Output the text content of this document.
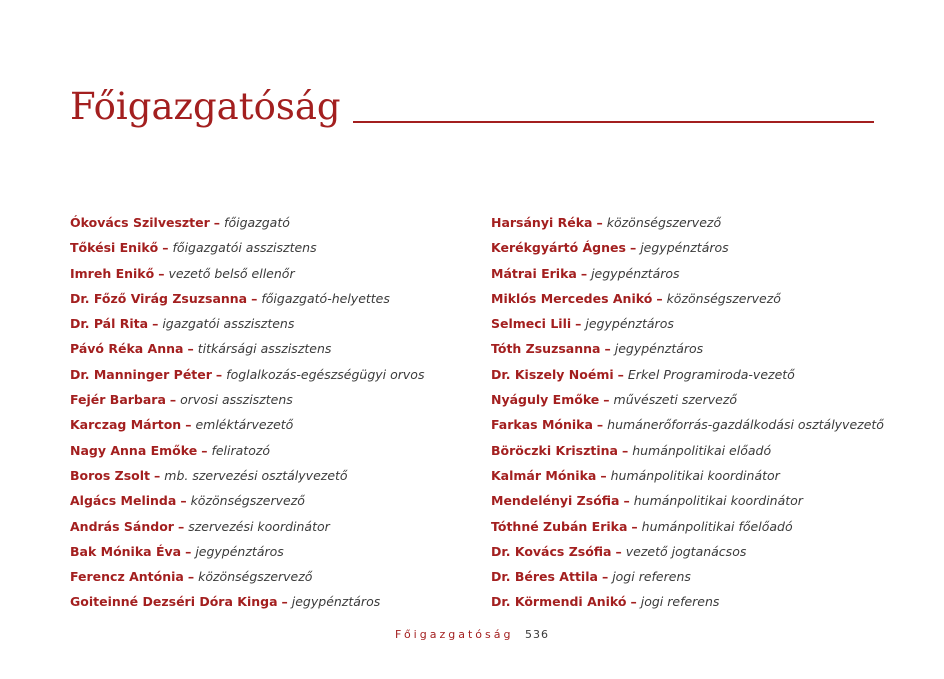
Főigazgatóság
Ókovács Szilveszter – főigazgató
Tőkési Enikő – főigazgatói asszisztens
Imreh Enikő – vezető belső ellenőr
Dr. Főző Virág Zsuzsanna – főigazgató-helyettes
Dr. Pál Rita – igazgatói asszisztens
Pávó Réka Anna – titkársági asszisztens
Dr. Manninger Péter – foglalkozás-egészségügyi orvos
Fejér Barbara – orvosi asszisztens
Karczag Márton – emléktárvezető
Nagy Anna Emőke – feliratozó
Boros Zsolt – mb. szervezési osztályvezető
Algács Melinda – közönségszervező
András Sándor – szervezési koordinátor
Bak Mónika Éva – jegypénztáros
Ferencz Antónia – közönségszervező
Goiteinné Dezséri Dóra Kinga – jegypénztáros
Harsányi Réka – közönségszervező
Kerékgyártó Ágnes – jegypénztáros
Mátrai Erika – jegypénztáros
Miklós Mercedes Anikó – közönségszervező
Selmeci Lili – jegypénztáros
Tóth Zsuzsanna – jegypénztáros
Dr. Kiszely Noémi – Erkel Programiroda-vezető
Nyáguly Emőke – művészeti szervező
Farkas Mónika – humánerőforrás-gazdálkodási osztályvezető
Böröczki Krisztina – humánpolitikai előadó
Kalmár Mónika – humánpolitikai koordinátor
Mendelényi Zsófia – humánpolitikai koordinátor
Tóthné Zubán Erika – humánpolitikai főelőadó
Dr. Kovács Zsófia – vezető jogtanácsos
Dr. Béres Attila – jogi referens
Dr. Körmendi Anikó – jogi referens
Főigazgatóság 536
